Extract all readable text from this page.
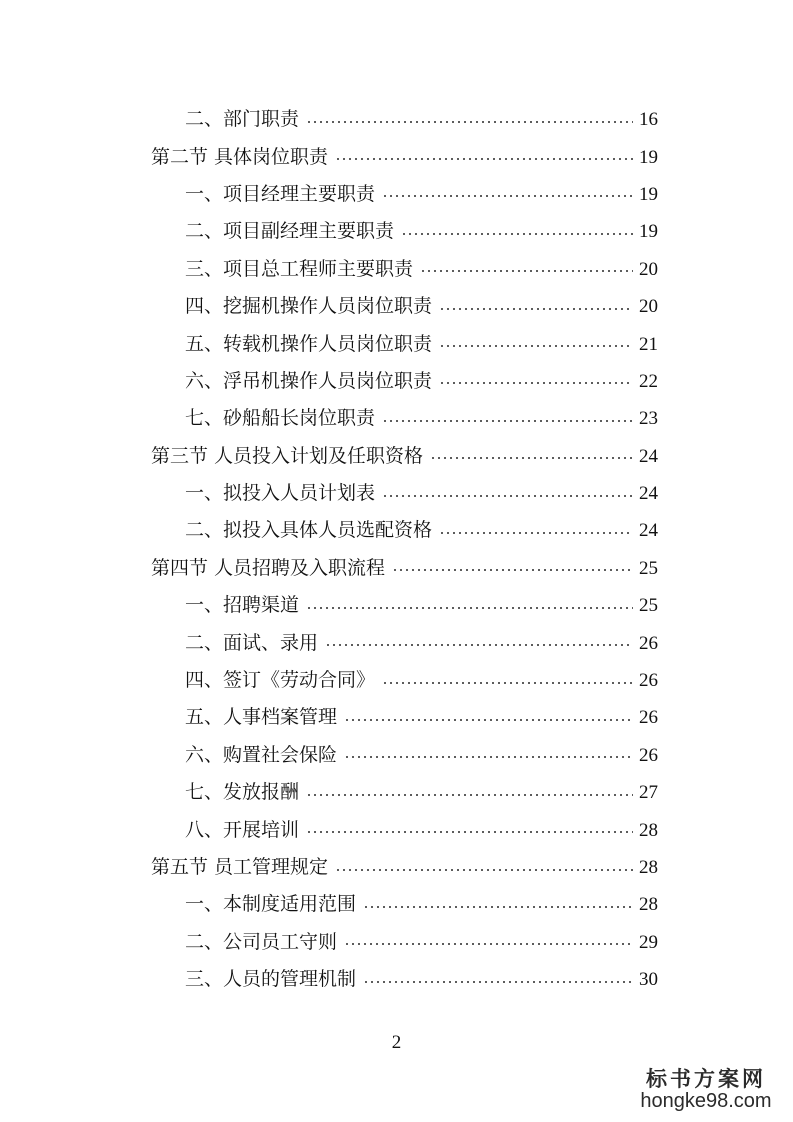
二、部门职责	16
第二节 具体岗位职责	19
一、项目经理主要职责	19
二、项目副经理主要职责	19
三、项目总工程师主要职责	20
四、挖掘机操作人员岗位职责	20
五、转载机操作人员岗位职责	21
六、浮吊机操作人员岗位职责	22
七、砂船船长岗位职责	23
第三节 人员投入计划及任职资格	24
一、拟投入人员计划表	24
二、拟投入具体人员选配资格	24
第四节 人员招聘及入职流程	25
一、招聘渠道	25
二、面试、录用	26
四、签订《劳动合同》	26
五、人事档案管理	26
六、购置社会保险	26
七、发放报酬	27
八、开展培训	28
第五节 员工管理规定	28
一、本制度适用范围	28
二、公司员工守则	29
三、人员的管理机制	30
2
标书方案网
hongke98.com
